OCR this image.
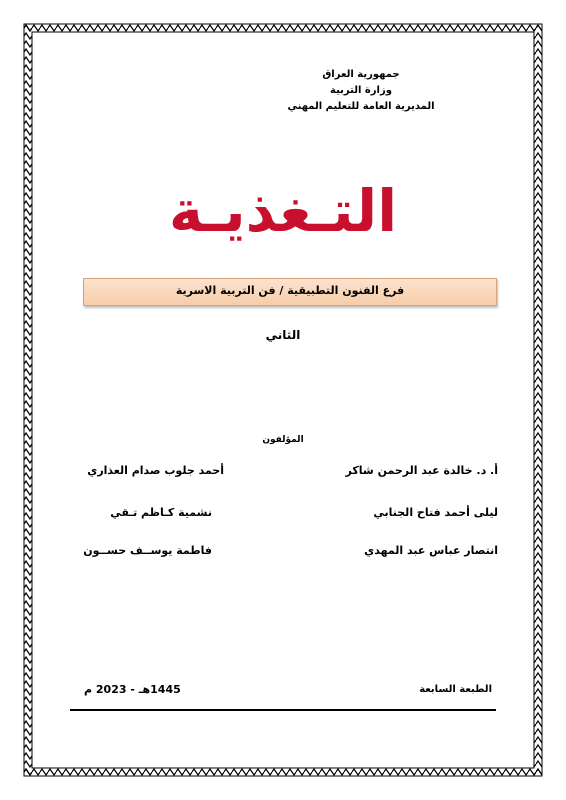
جمهورية العراق
وزارة التربية
المديرية العامة للتعليم المهني
التـغذيـة
فرع الفنون التطبيقية / فن التربية الاسرية
الثاني
المؤلفون
أ. د. خالدة عبد الرحمن شاكر
أحمد جلوب صدام العذاري
ليلى أحمد فتاح الجنابي
نشمية كـاظم تـقي
انتصار عباس عبد المهدي
فاطمة يوســف حســون
الطبعة السابعة
1445هـ - 2023 م
